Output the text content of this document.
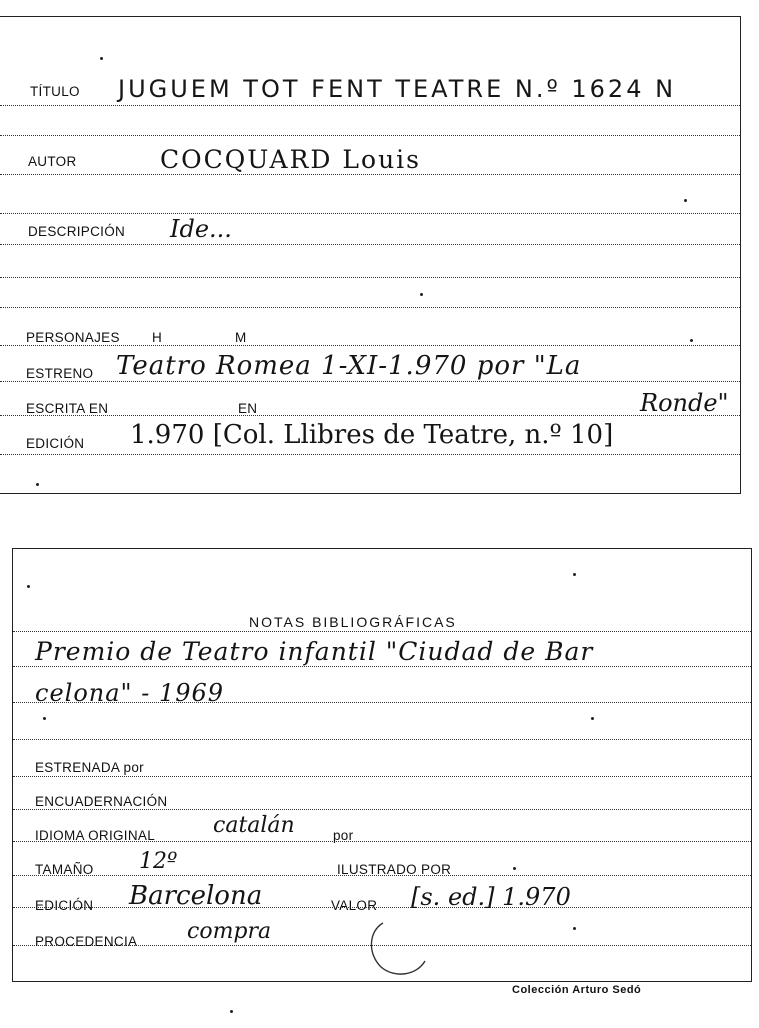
TÍTULO JUGUEM TOT FENT TEATRE N.º 1624 N
AUTOR	COCQUARD Louis
DESCRIPCIÓN Ide...
PERSONAJES H	M
ESTRENO Teatro Romea 1-XI-1.970 por "La
ESCRITA EN	EN	Ronde"
EDICIÓN 1.970 [Col. Llibres de Teatre, n.º 10]
NOTAS BIBLIOGRÁFICAS
Premio de Teatro infantil "Ciudad de Bar
celona" - 1969
ESTRENADA por
ENCUADERNACIÓN
IDIOMA ORIGINAL	catalán	por
TAMAÑO 12º	ILUSTRADO POR
EDICIÓN Barcelona	VALOR [s. ed.] 1.970
PROCEDENCIA compra
Colección Arturo Sedó
